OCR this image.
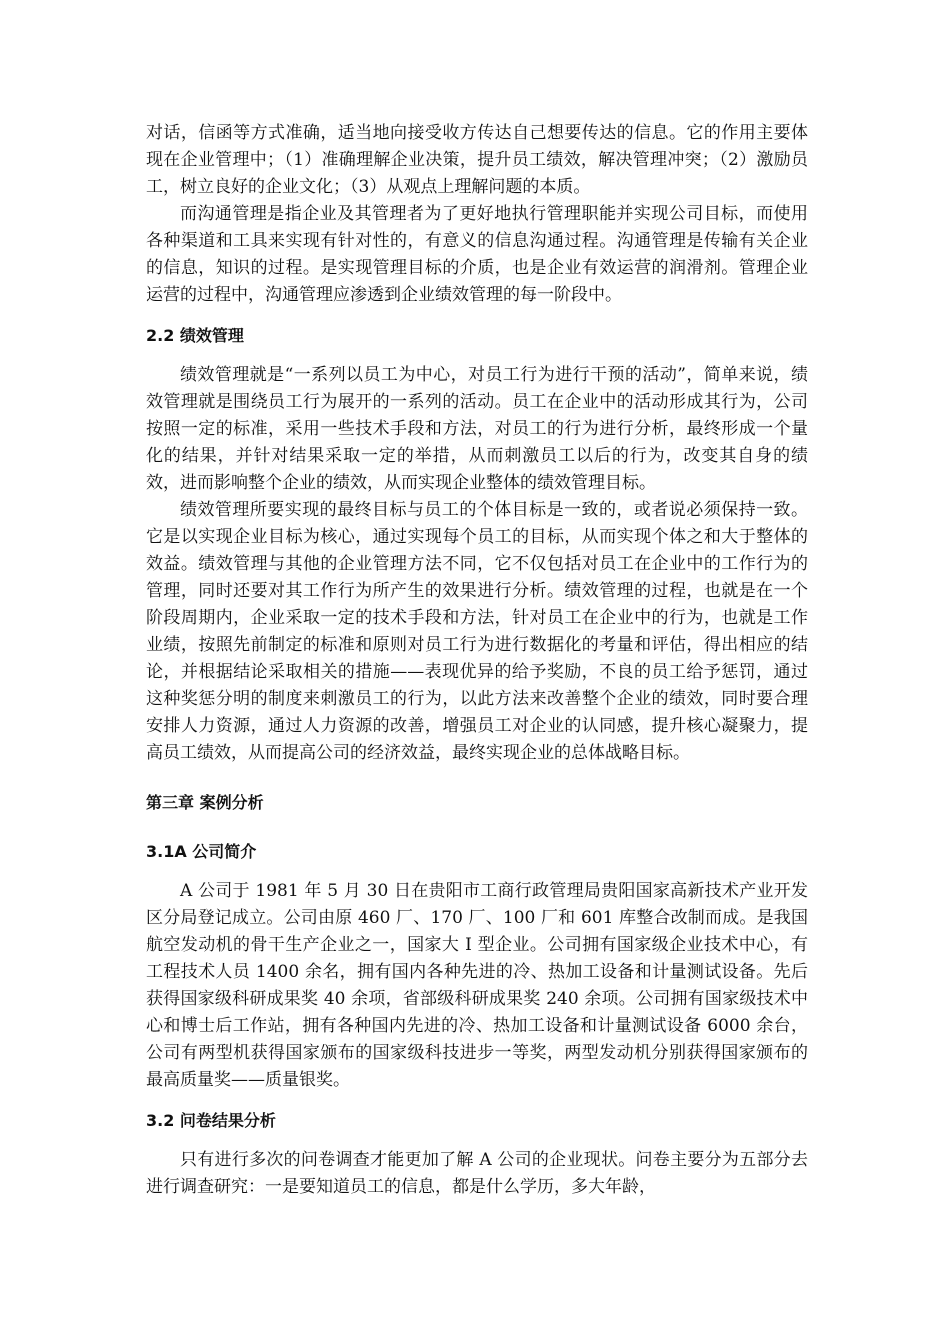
对话，信函等方式准确，适当地向接受收方传达自己想要传达的信息。它的作用主要体现在企业管理中；（1）准确理解企业决策，提升员工绩效，解决管理冲突；（2）激励员工，树立良好的企业文化；（3）从观点上理解问题的本质。

而沟通管理是指企业及其管理者为了更好地执行管理职能并实现公司目标，而使用各种渠道和工具来实现有针对性的，有意义的信息沟通过程。沟通管理是传输有关企业的信息，知识的过程。是实现管理目标的介质，也是企业有效运营的润滑剂。管理企业运营的过程中，沟通管理应渗透到企业绩效管理的每一阶段中。

2.2 绩效管理

绩效管理就是“一系列以员工为中心，对员工行为进行干预的活动”，简单来说，绩效管理就是围绕员工行为展开的一系列的活动。员工在企业中的活动形成其行为，公司按照一定的标准，采用一些技术手段和方法，对员工的行为进行分析，最终形成一个量化的结果，并针对结果采取一定的举措，从而刺激员工以后的行为，改变其自身的绩效，进而影响整个企业的绩效，从而实现企业整体的绩效管理目标。

绩效管理所要实现的最终目标与员工的个体目标是一致的，或者说必须保持一致。它是以实现企业目标为核心，通过实现每个员工的目标，从而实现个体之和大于整体的效益。绩效管理与其他的企业管理方法不同，它不仅包括对员工在企业中的工作行为的管理，同时还要对其工作行为所产生的效果进行分析。绩效管理的过程，也就是在一个阶段周期内，企业采取一定的技术手段和方法，针对员工在企业中的行为，也就是工作业绩，按照先前制定的标准和原则对员工行为进行数据化的考量和评估，得出相应的结论，并根据结论采取相关的措施——表现优异的给予奖励，不良的员工给予惩罚，通过这种奖惩分明的制度来刺激员工的行为，以此方法来改善整个企业的绩效，同时要合理安排人力资源，通过人力资源的改善，增强员工对企业的认同感，提升核心凝聚力，提高员工绩效，从而提高公司的经济效益，最终实现企业的总体战略目标。

第三章 案例分析
3.1A 公司简介

A 公司于 1981 年 5 月 30 日在贵阳市工商行政管理局贵阳国家高新技术产业开发区分局登记成立。公司由原 460 厂、170 厂、100 厂和 601 库整合改制而成。是我国航空发动机的骨干生产企业之一，国家大 I 型企业。公司拥有国家级企业技术中心，有工程技术人员 1400 余名，拥有国内各种先进的冷、热加工设备和计量测试设备。先后获得国家级科研成果奖 40 余项，省部级科研成果奖 240 余项。公司拥有国家级技术中心和博士后工作站，拥有各种国内先进的冷、热加工设备和计量测试设备 6000 余台，公司有两型机获得国家颁布的国家级科技进步一等奖，两型发动机分别获得国家颁布的最高质量奖——质量银奖。

3.2 问卷结果分析

只有进行多次的问卷调查才能更加了解 A 公司的企业现状。问卷主要分为五部分去进行调查研究：一是要知道员工的信息，都是什么学历，多大年龄，
